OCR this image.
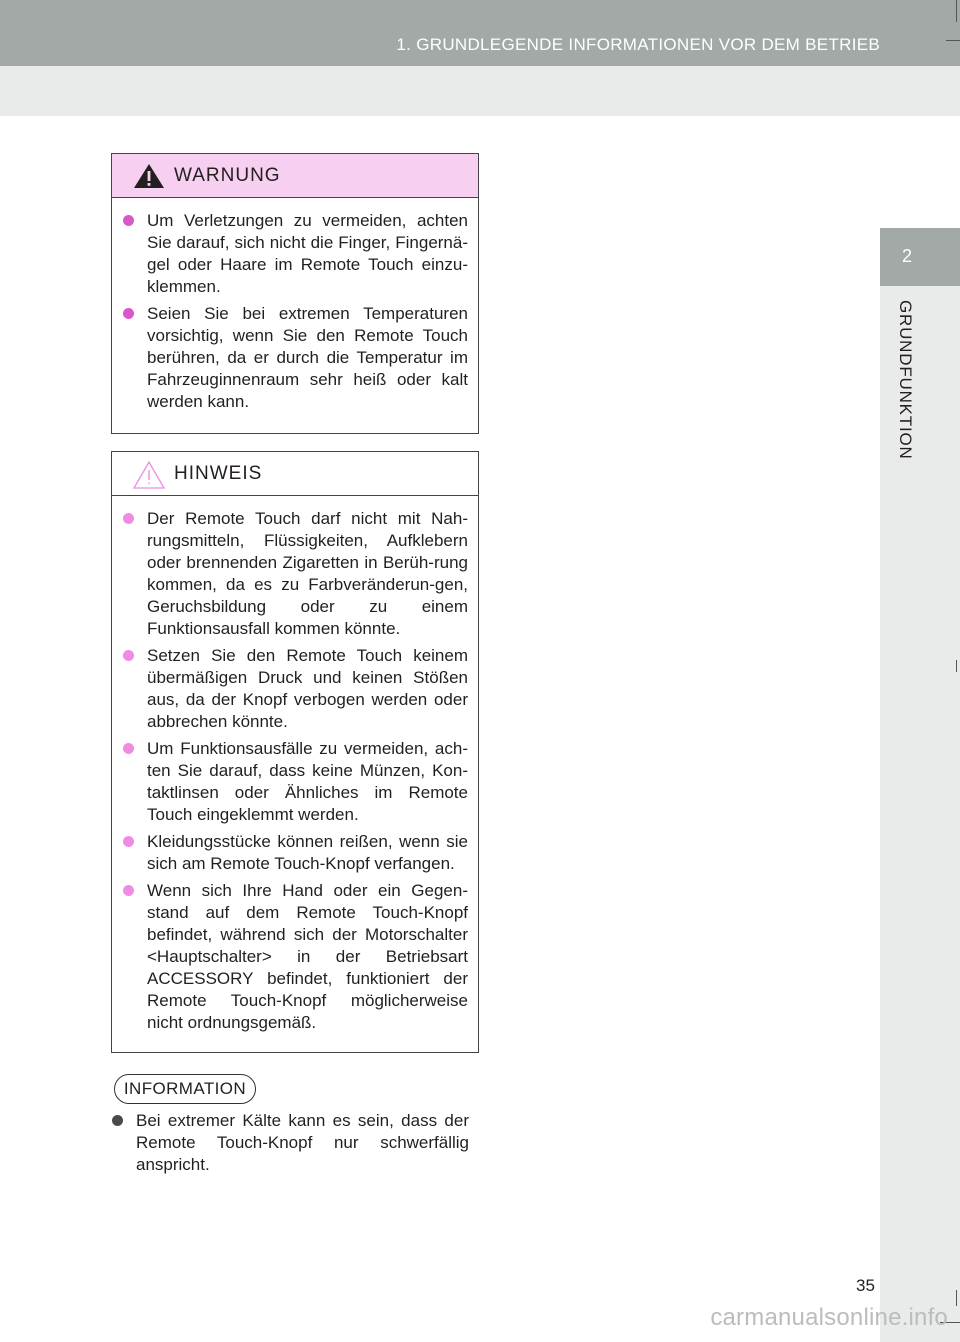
1. GRUNDLEGENDE INFORMATIONEN VOR DEM BETRIEB
2
GRUNDFUNKTION
WARNUNG
Um Verletzungen zu vermeiden, achten Sie darauf, sich nicht die Finger, Fingernä-gel oder Haare im Remote Touch einzu-klemmen.
Seien Sie bei extremen Temperaturen vorsichtig, wenn Sie den Remote Touch berühren, da er durch die Temperatur im Fahrzeuginnenraum sehr heiß oder kalt werden kann.
HINWEIS
Der Remote Touch darf nicht mit Nah-rungsmitteln, Flüssigkeiten, Aufklebern oder brennenden Zigaretten in Berüh-rung kommen, da es zu Farbveränderun-gen, Geruchsbildung oder zu einem Funktionsausfall kommen könnte.
Setzen Sie den Remote Touch keinem übermäßigen Druck und keinen Stößen aus, da der Knopf verbogen werden oder abbrechen könnte.
Um Funktionsausfälle zu vermeiden, ach-ten Sie darauf, dass keine Münzen, Kon-taktlinsen oder Ähnliches im Remote Touch eingeklemmt werden.
Kleidungsstücke können reißen, wenn sie sich am Remote Touch-Knopf verfangen.
Wenn sich Ihre Hand oder ein Gegen-stand auf dem Remote Touch-Knopf befindet, während sich der Motorschalter <Hauptschalter> in der Betriebsart ACCESSORY befindet, funktioniert der Remote Touch-Knopf möglicherweise nicht ordnungsgemäß.
INFORMATION
Bei extremer Kälte kann es sein, dass der Remote Touch-Knopf nur schwerfällig anspricht.
35
carmanualsonline.info
